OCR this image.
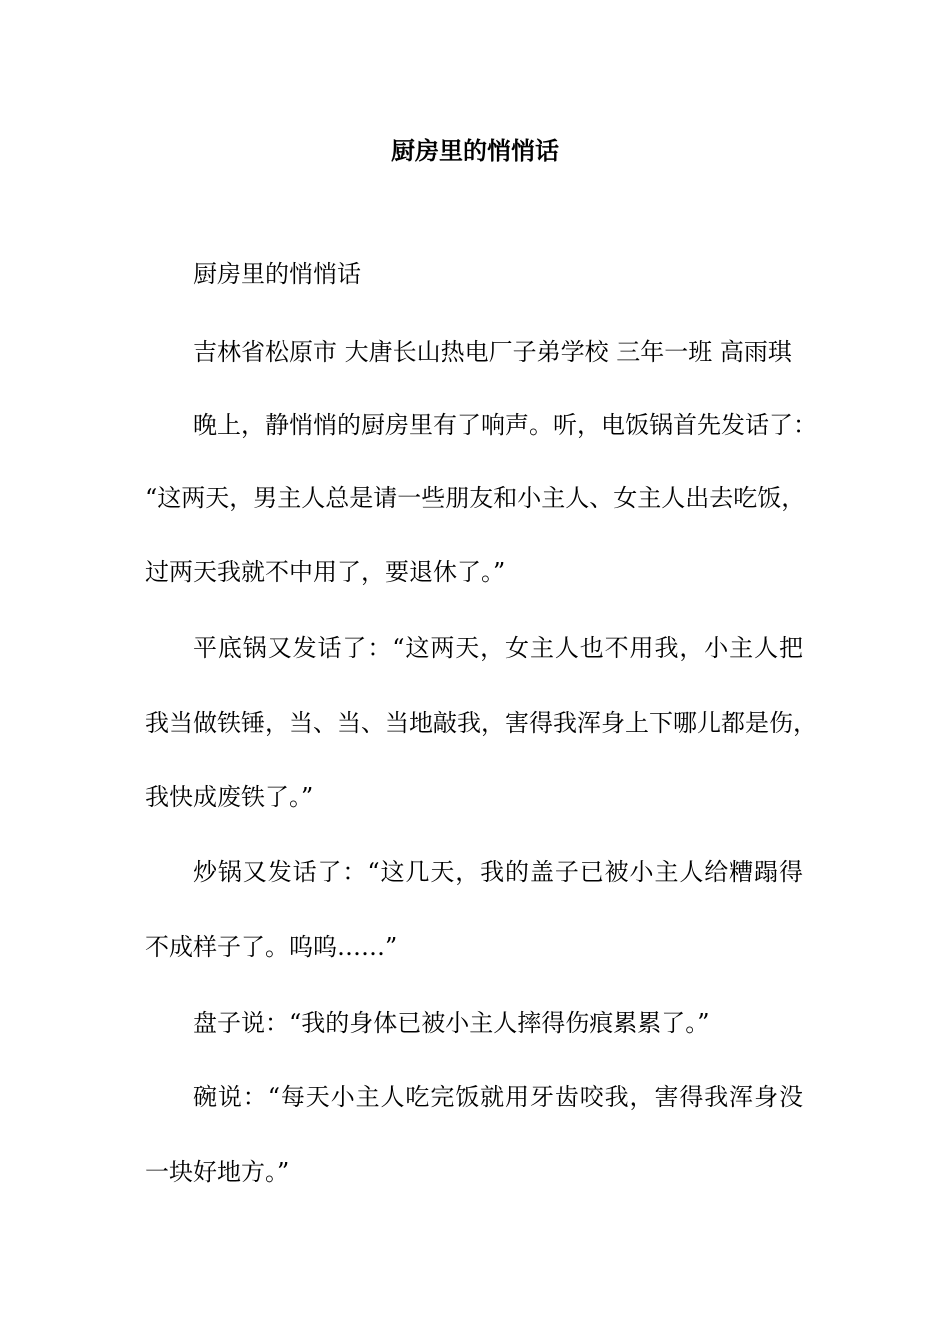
厨房里的悄悄话
厨房里的悄悄话
吉林省松原市 大唐长山热电厂子弟学校 三年一班 高雨琪
晚上，静悄悄的厨房里有了响声。听，电饭锅首先发话了：
“这两天，男主人总是请一些朋友和小主人、女主人出去吃饭，
过两天我就不中用了，要退休了。”
平底锅又发话了：“这两天，女主人也不用我，小主人把
我当做铁锤，当、当、当地敲我，害得我浑身上下哪儿都是伤，
我快成废铁了。”
炒锅又发话了：“这几天，我的盖子已被小主人给糟蹋得
不成样子了。呜呜……”
盘子说：“我的身体已被小主人摔得伤痕累累了。”
碗说：“每天小主人吃完饭就用牙齿咬我，害得我浑身没
一块好地方。”
